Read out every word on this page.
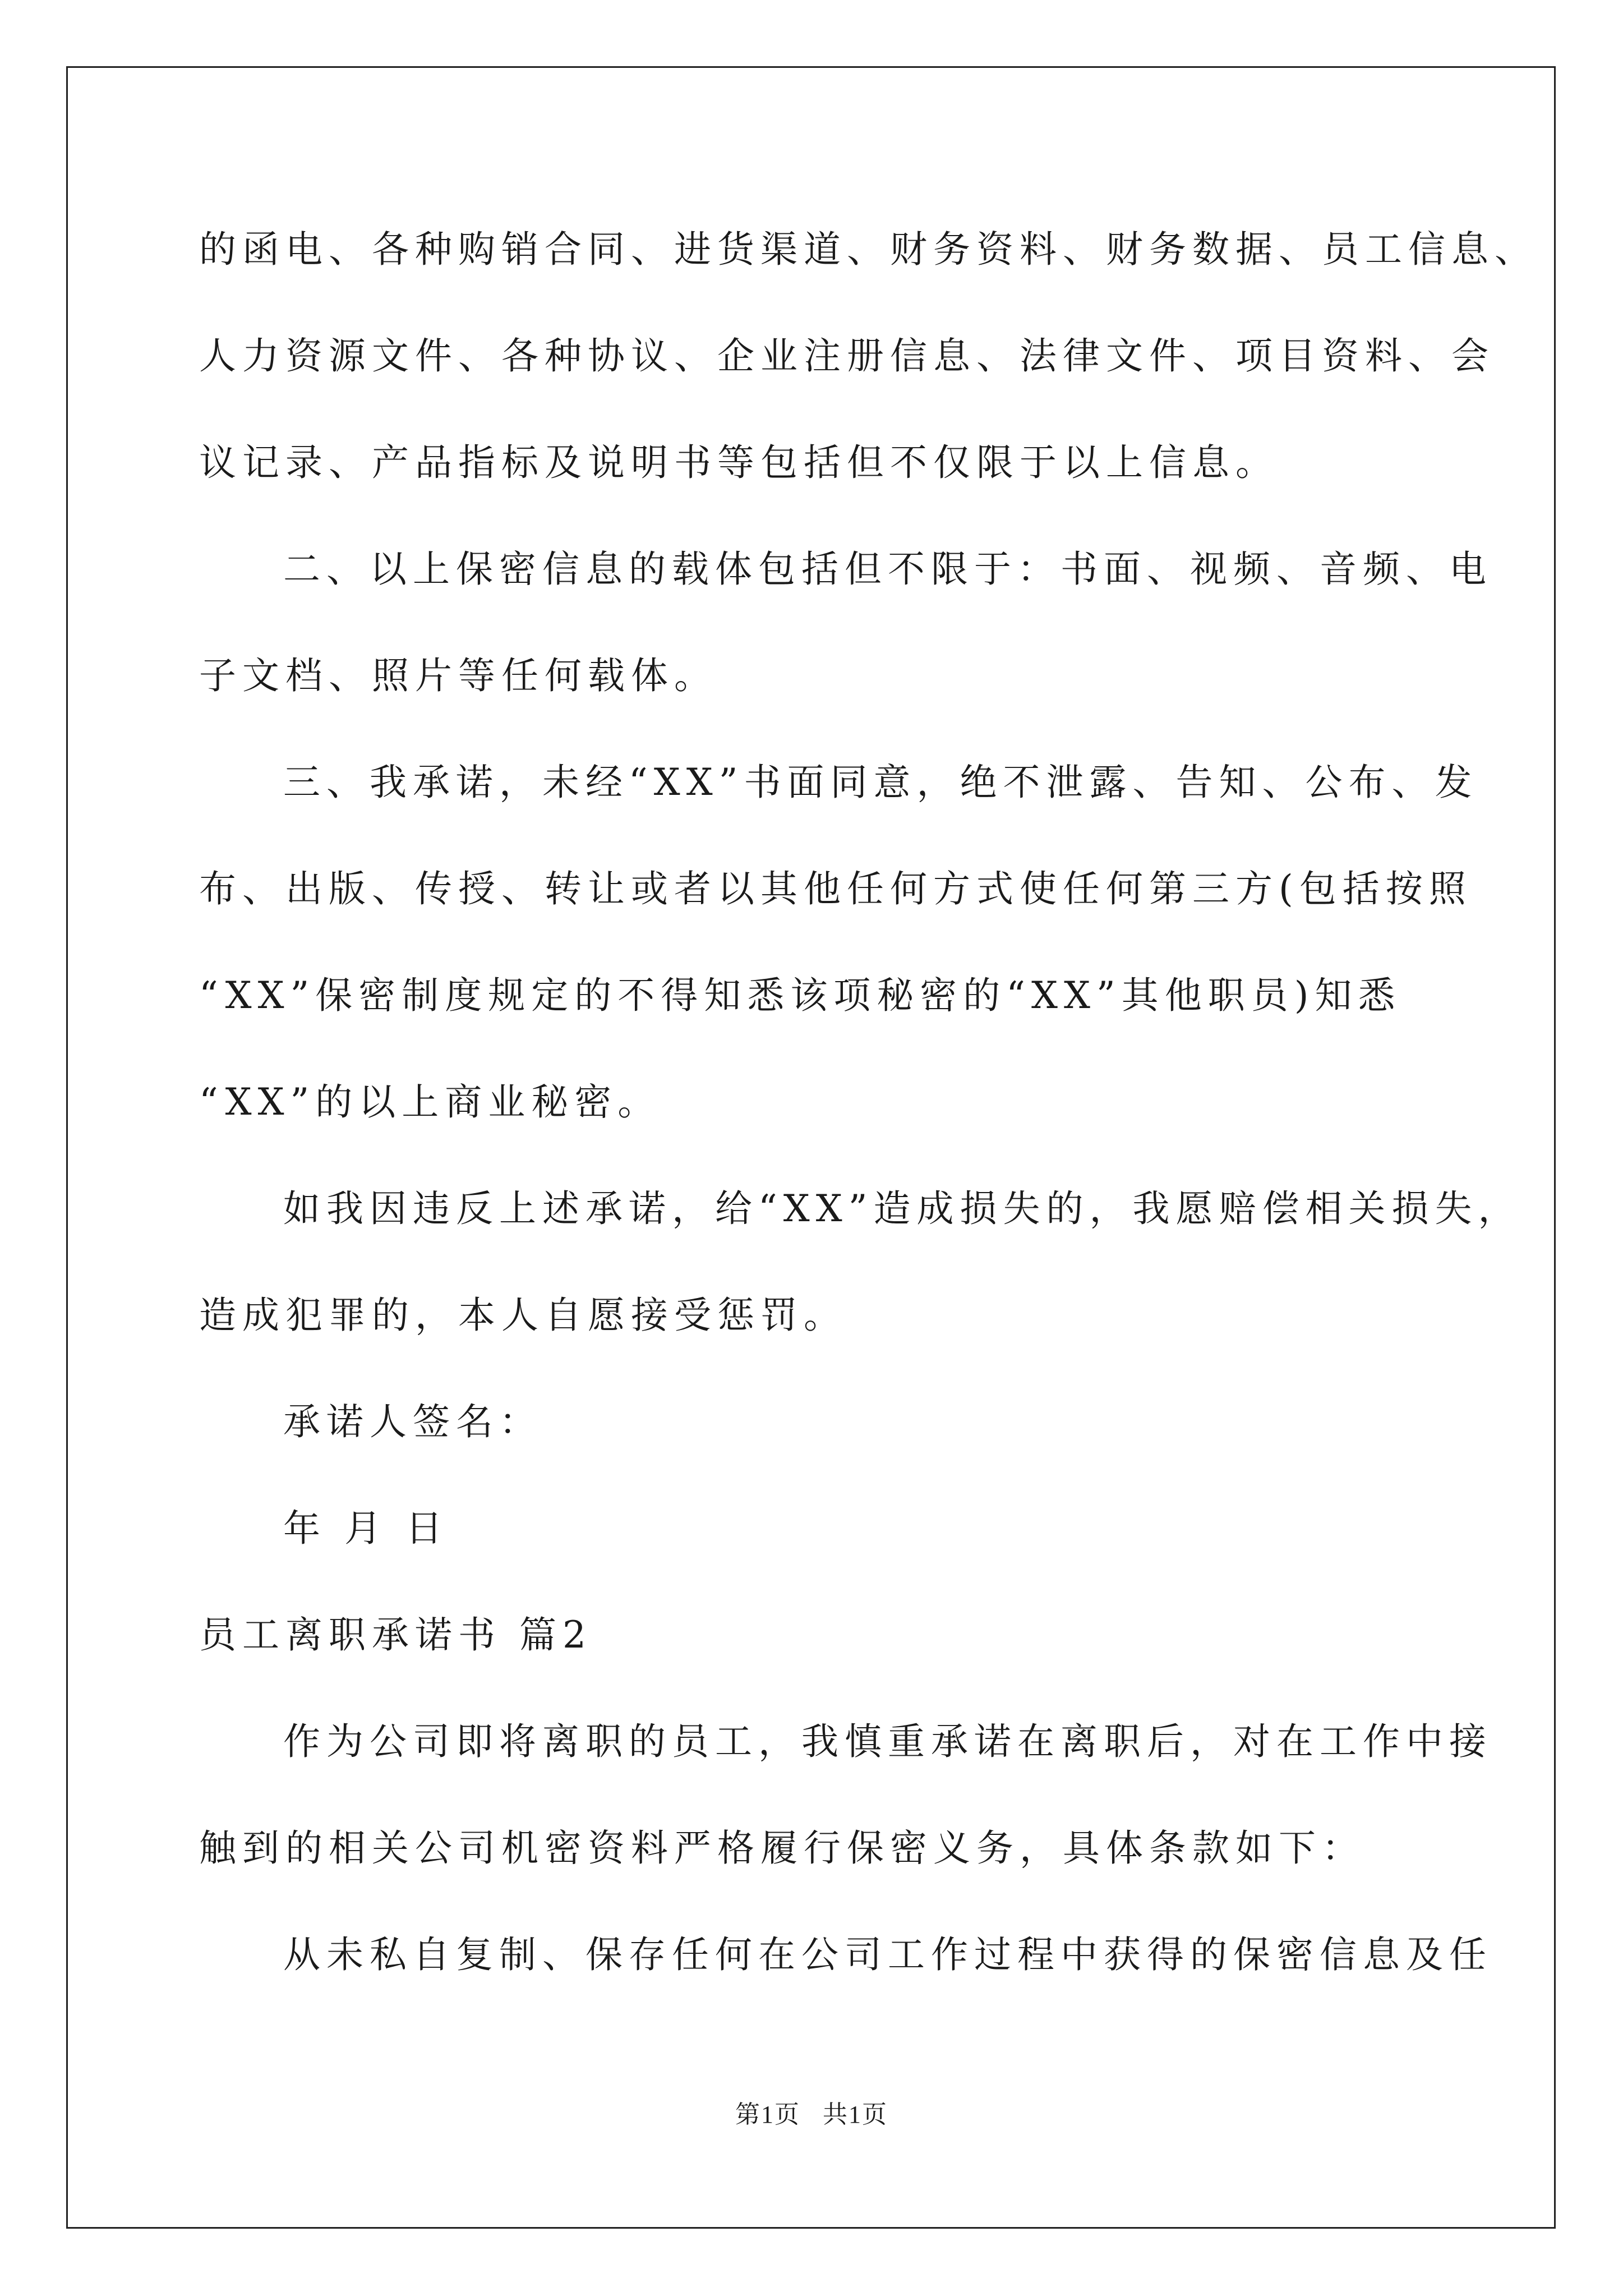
的函电、各种购销合同、进货渠道、财务资料、财务数据、员工信息、
人力资源文件、各种协议、企业注册信息、法律文件、项目资料、会
议记录、产品指标及说明书等包括但不仅限于以上信息。
二、以上保密信息的载体包括但不限于：书面、视频、音频、电
子文档、照片等任何载体。
三、我承诺，未经“XX”书面同意，绝不泄露、告知、公布、发
布、出版、传授、转让或者以其他任何方式使任何第三方(包括按照
“XX”保密制度规定的不得知悉该项秘密的“XX”其他职员)知悉
“XX”的以上商业秘密。
如我因违反上述承诺，给“XX”造成损失的，我愿赔偿相关损失，
造成犯罪的，本人自愿接受惩罚。
承诺人签名：
年 月 日
员工离职承诺书 篇2
作为公司即将离职的员工，我慎重承诺在离职后，对在工作中接
触到的相关公司机密资料严格履行保密义务，具体条款如下：
从未私自复制、保存任何在公司工作过程中获得的保密信息及任
第1页 共1页
